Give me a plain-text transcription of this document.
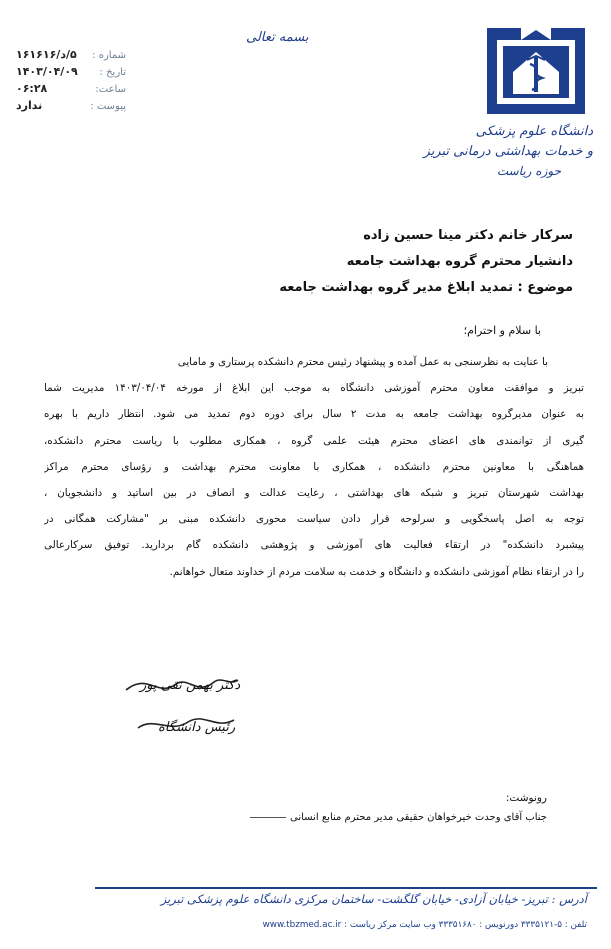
بسمه تعالی
۵/د/۱۶۱۶۱۶ شماره :
۱۴۰۳/۰۴/۰۹ تاریخ :
۰۶:۲۸	ساعت:
ندارد	پیوست :
دانشگاه علوم پزشکی
و خدمات بهداشتی درمانی تبریز
حوزه ریاست
سرکار خانم دکتر مینا حسین زاده
دانشیار محترم گروه بهداشت جامعه
موضوع : تمدید ابلاغ مدیر گروه بهداشت جامعه
با سلام و احترام؛
با عنایت به نظرسنجی به عمل آمده و پیشنهاد رئیس محترم دانشکده پرستاری و مامایی
تبریز و موافقت معاون محترم آموزشی دانشگاه به موجب این ابلاغ از مورخه ۱۴۰۳/۰۴/۰۴ مدیریت شما
به عنوان مدیرگروه بهداشت جامعه به مدت ۲ سال برای دوره دوم تمدید می شود. انتظار داریم با بهره
گیری از توانمندی های اعضای محترم هیئت علمی گروه ، همکاری مطلوب با ریاست محترم دانشکده،
هماهنگی با معاونین محترم دانشکده ، همکاری با معاونت محترم بهداشت و رؤسای محترم مراکز
بهداشت شهرستان تبریز و شبکه های بهداشتی ، رعایت عدالت و انصاف در بین اساتید و دانشجویان ،
توجه به اصل پاسخگویی و سرلوحه قرار دادن سیاست محوری دانشکده مبنی بر "مشارکت همگانی در
پیشبرد دانشکده" در ارتقاء فعالیت های آموزشی و پژوهشی دانشکده گام بردارید. توفیق سرکارعالی
را در ارتقاء نظام آموزشی دانشکده و دانشگاه و خدمت به سلامت مردم از خداوند متعال خواهانم.
دکتر بهمن نقی پور
رئیس دانشگاه
رونوشت:
جناب آقای وحدت خیرخواهان حقیقی مدیر محترم منابع انسانی
آدرس : تبریز- خیابان آزادی- خیابان گلگشت- ساختمان مرکزی دانشگاه علوم پزشکی تبریز
تلفن : ۵-۳۳۳۵۱۲۱ دورنویس : ۳۳۳۵۱۶۸۰ وب سایت مرکز ریاست : www.tbzmed.ac.ir
